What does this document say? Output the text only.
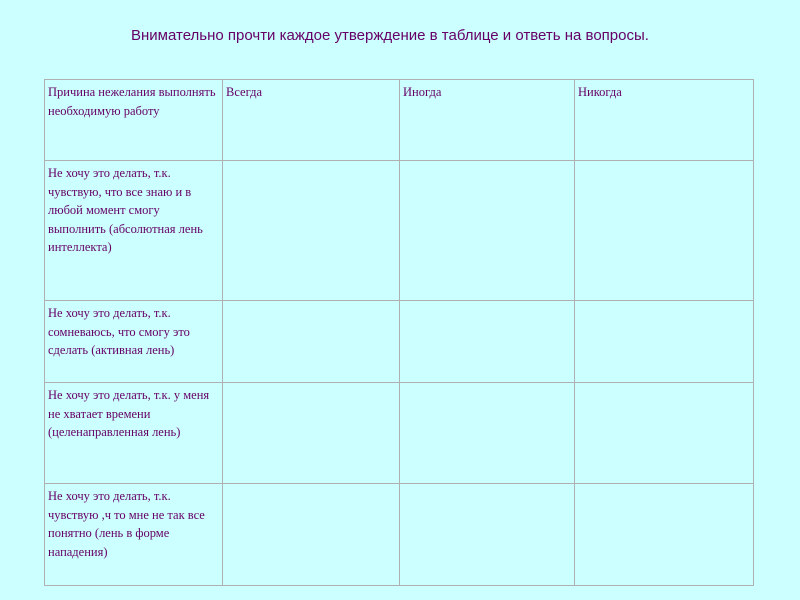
Внимательно прочти каждое утверждение в таблице и ответь на вопросы.
Причина нежелания выполнять необходимую работу	Всегда	Иногда	Никогда
Не хочу это делать, т.к. чувствую, что все знаю и в любой момент смогу выполнить (абсолютная лень интеллекта)			
Не хочу это делать, т.к. сомневаюсь, что смогу это сделать (активная лень)			
Не хочу это делать, т.к. у меня не хватает времени (целенаправленная лень)			
Не хочу это делать, т.к. чувствую ,ч то мне не так все понятно (лень в форме нападения)			
